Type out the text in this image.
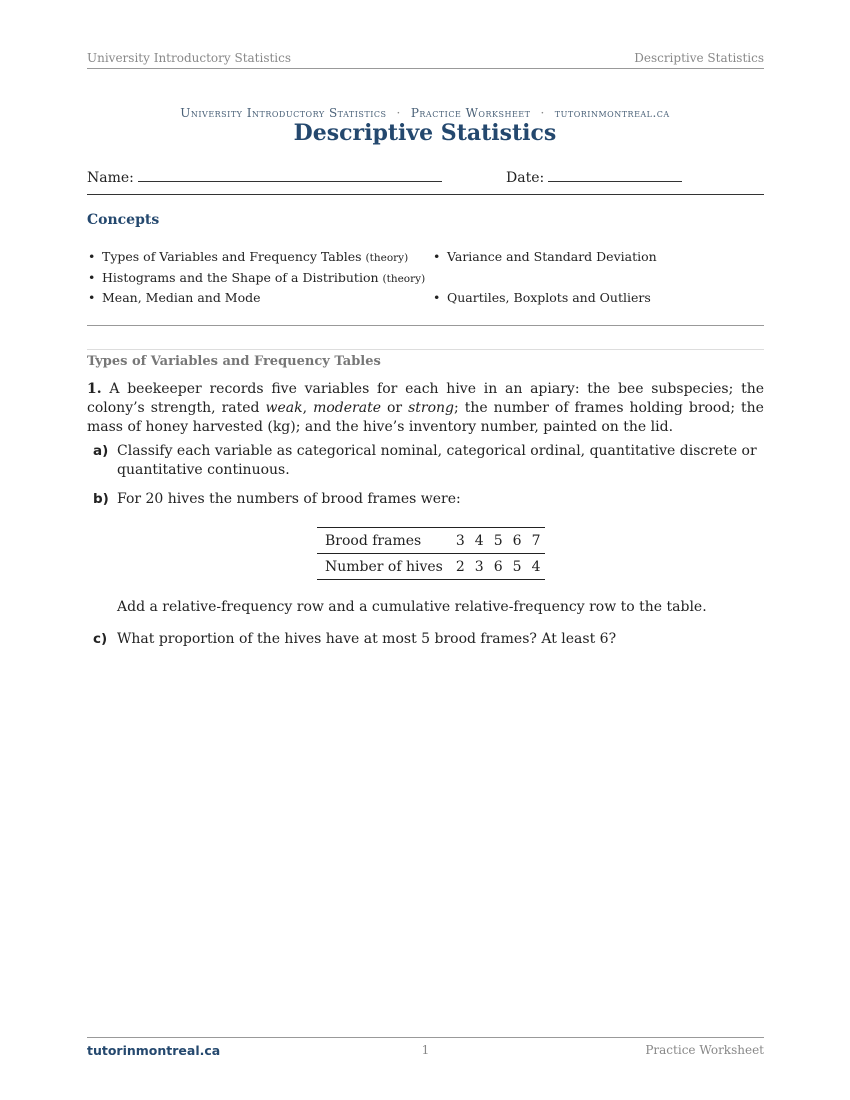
University Introductory Statistics	Descriptive Statistics
University Introductory Statistics · Practice Worksheet · tutorinmontreal.ca
Descriptive Statistics
Name:	Date:
Concepts
• Types of Variables and Frequency Tables (theory)
• Histograms and the Shape of a Distribution (theory)
• Mean, Median and Mode
• Variance and Standard Deviation
• Quartiles, Boxplots and Outliers
Types of Variables and Frequency Tables
1. A beekeeper records five variables for each hive in an apiary: the bee subspecies; the colony’s strength, rated weak, moderate or strong; the number of frames holding brood; the mass of honey harvested (kg); and the hive’s inventory number, painted on the lid.
a) Classify each variable as categorical nominal, categorical ordinal, quantitative discrete or quantitative continuous.
b) For 20 hives the numbers of brood frames were:
Brood frames	3	4	5	6	7
Number of hives	2	3	6	5	4
Add a relative-frequency row and a cumulative relative-frequency row to the table.
c) What proportion of the hives have at most 5 brood frames? At least 6?
tutorinmontreal.ca	1	Practice Worksheet
